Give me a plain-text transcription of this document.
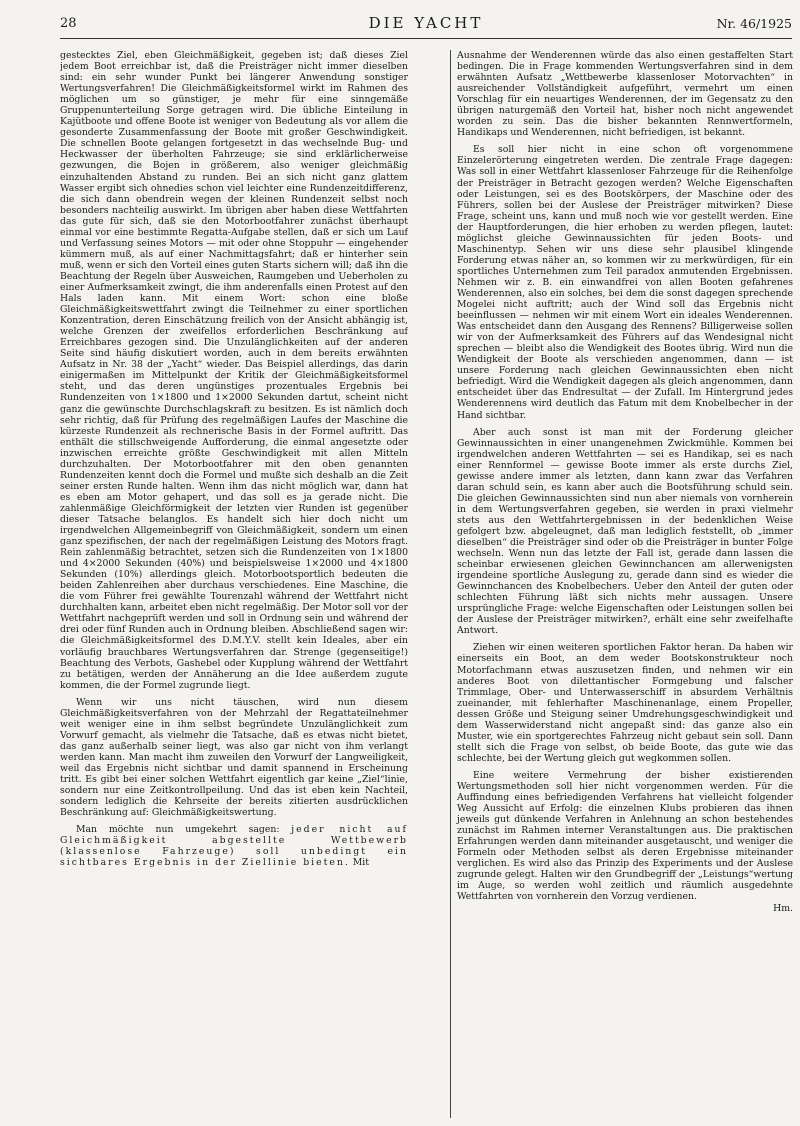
28	DIE YACHT	Nr. 46/1925

gestecktes Ziel, eben Gleichmäßigkeit, gegeben ist; daß dieses Ziel jedem Boot erreichbar ist, daß die Preisträger nicht immer dieselben sind: ein sehr wunder Punkt bei längerer Anwendung sonstiger Wertungsverfahren! Die Gleichmäßigkeitsformel wirkt im Rahmen des möglichen um so günstiger, je mehr für eine sinngemäße Gruppenunterteilung Sorge getragen wird. Die übliche Einteilung in Kajütboote und offene Boote ist weniger von Bedeutung als vor allem die gesonderte Zusammenfassung der Boote mit großer Geschwindigkeit. Die schnellen Boote gelangen fortgesetzt in das wechselnde Bug- und Heckwasser der überholten Fahrzeuge; sie sind erklärlicherweise gezwungen, die Bojen in größerem, also weniger gleichmäßig einzuhaltenden Abstand zu runden. Bei an sich nicht ganz glattem Wasser ergibt sich ohnedies schon viel leichter eine Rundenzeitdifferenz, die sich dann obendrein wegen der kleinen Rundenzeit selbst noch besonders nachteilig auswirkt. Im übrigen aber haben diese Wettfahrten das gute für sich, daß sie den Motorbootfahrer zunächst überhaupt einmal vor eine bestimmte Regatta-Aufgabe stellen, daß er sich um Lauf und Verfassung seines Motors — mit oder ohne Stoppuhr — eingehender kümmern muß, als auf einer Nachmittagsfahrt; daß er hinterher sein muß, wenn er sich den Vorteil eines guten Starts sichern will; daß ihn die Beachtung der Regeln über Ausweichen, Raumgeben und Ueberholen zu einer Aufmerksamkeit zwingt, die ihm anderenfalls einen Protest auf den Hals laden kann. Mit einem Wort: schon eine bloße Gleichmäßigkeitswettfahrt zwingt die Teilnehmer zu einer sportlichen Konzentration, deren Einschätzung freilich von der Ansicht abhängig ist, welche Grenzen der zweifellos erforderlichen Beschränkung auf Erreichbares gezogen sind. Die Unzulänglichkeiten auf der anderen Seite sind häufig diskutiert worden, auch in dem bereits erwähnten Aufsatz in Nr. 38 der „Yacht“ wieder. Das Beispiel allerdings, das darin einigermaßen im Mittelpunkt der Kritik der Gleichmäßigkeitsformel steht, und das deren ungünstiges prozentuales Ergebnis bei Rundenzeiten von 1×1800 und 1×2000 Sekunden dartut, scheint nicht ganz die gewünschte Durchschlagskraft zu besitzen. Es ist nämlich doch sehr richtig, daß für Prüfung des regelmäßigen Laufes der Maschine die kürzeste Rundenzeit als rechnerische Basis in der Formel auftritt. Das enthält die stillschweigende Aufforderung, die einmal angesetzte oder inzwischen erreichte größte Geschwindigkeit mit allen Mitteln durchzuhalten. Der Motorbootfahrer mit den oben genannten Rundenzeiten kennt doch die Formel und mußte sich deshalb an die Zeit seiner ersten Runde halten. Wenn ihm das nicht möglich war, dann hat es eben am Motor gehapert, und das soll es ja gerade nicht. Die zahlenmäßige Gleichförmigkeit der letzten vier Runden ist gegenüber dieser Tatsache belanglos. Es handelt sich hier doch nicht um irgendwelchen Allgemeinbegriff von Gleichmäßigkeit, sondern um einen ganz spezifischen, der nach der regelmäßigen Leistung des Motors fragt. Rein zahlenmäßig betrachtet, setzen sich die Rundenzeiten von 1×1800 und 4×2000 Sekunden (40%) und beispielsweise 1×2000 und 4×1800 Sekunden (10%) allerdings gleich. Motorbootsportlich bedeuten die beiden Zahlenreihen aber durchaus verschiedenes. Eine Maschine, die die vom Führer frei gewählte Tourenzahl während der Wettfahrt nicht durchhalten kann, arbeitet eben nicht regelmäßig. Der Motor soll vor der Wettfahrt nachgeprüft werden und soll in Ordnung sein und während der drei oder fünf Runden auch in Ordnung bleiben. Abschließend sagen wir: die Gleichmäßigkeitsformel des D.M.Y.V. stellt kein Ideales, aber ein vorläufig brauchbares Wertungsverfahren dar. Strenge (gegenseitige!) Beachtung des Verbots, Gashebel oder Kupplung während der Wettfahrt zu betätigen, werden der Annäherung an die Idee außerdem zugute kommen, die der Formel zugrunde liegt.

Wenn wir uns nicht täuschen, wird nun diesem Gleichmäßigkeitsverfahren von der Mehrzahl der Regattateilnehmer weit weniger eine in ihm selbst begründete Unzulänglichkeit zum Vorwurf gemacht, als vielmehr die Tatsache, daß es etwas nicht bietet, das ganz außerhalb seiner liegt, was also gar nicht von ihm verlangt werden kann. Man macht ihm zuweilen den Vorwurf der Langweiligkeit, weil das Ergebnis nicht sichtbar und damit spannend in Erscheinung tritt. Es gibt bei einer solchen Wettfahrt eigentlich gar keine „Ziel“linie, sondern nur eine Zeitkontrollpeilung. Und das ist eben kein Nachteil, sondern lediglich die Kehrseite der bereits zitierten ausdrücklichen Beschränkung auf: Gleichmäßigkeitswertung.

Man möchte nun umgekehrt sagen: jeder nicht auf Gleichmäßigkeit abgestellte Wettbewerb (klassenlose Fahrzeuge) soll unbedingt ein sichtbares Ergebnis in der Ziellinie bieten. Mit

Ausnahme der Wenderennen würde das also einen gestaffelten Start bedingen. Die in Frage kommenden Wertungsverfahren sind in dem erwähnten Aufsatz „Wettbewerbe klassenloser Motorvachten“ in ausreichender Vollständigkeit aufgeführt, vermehrt um einen Vorschlag für ein neuartiges Wenderennen, der im Gegensatz zu den übrigen naturgemäß den Vorteil hat, bisher noch nicht angewendet worden zu sein. Das die bisher bekannten Rennwertformeln, Handikaps und Wenderennen, nicht befriedigen, ist bekannt.

Es soll hier nicht in eine schon oft vorgenommene Einzelerörterung eingetreten werden. Die zentrale Frage dagegen: Was soll in einer Wettfahrt klassenloser Fahrzeuge für die Reihenfolge der Preisträger in Betracht gezogen werden? Welche Eigenschaften oder Leistungen, sei es des Bootskörpers, der Maschine oder des Führers, sollen bei der Auslese der Preisträger mitwirken? Diese Frage, scheint uns, kann und muß noch wie vor gestellt werden. Eine der Hauptforderungen, die hier erhoben zu werden pflegen, lautet: möglichst gleiche Gewinnaussichten für jeden Boots- und Maschinentyp. Sehen wir uns diese sehr plausibel klingende Forderung etwas näher an, so kommen wir zu merkwürdigen, für ein sportliches Unternehmen zum Teil paradox anmutenden Ergebnissen. Nehmen wir z. B. ein einwandfrei von allen Booten gefahrenes Wenderennen, also ein solches, bei dem die sonst dagegen sprechende Mogelei nicht auftritt; auch der Wind soll das Ergebnis nicht beeinflussen — nehmen wir mit einem Wort ein ideales Wenderennen. Was entscheidet dann den Ausgang des Rennens? Billigerweise sollen wir von der Aufmerksamkeit des Führers auf das Wendesignal nicht sprechen — bleibt also die Wendigkeit des Bootes übrig. Wird nun die Wendigkeit der Boote als verschieden angenommen, dann — ist unsere Forderung nach gleichen Gewinnaussichten eben nicht befriedigt. Wird die Wendigkeit dagegen als gleich angenommen, dann entscheidet über das Endresultat — der Zufall. Im Hintergrund jedes Wenderennens wird deutlich das Fatum mit dem Knobelbecher in der Hand sichtbar.

Aber auch sonst ist man mit der Forderung gleicher Gewinnaussichten in einer unangenehmen Zwickmühle. Kommen bei irgendwelchen anderen Wettfahrten — sei es Handikap, sei es nach einer Rennformel — gewisse Boote immer als erste durchs Ziel, gewisse andere immer als letzten, dann kann zwar das Verfahren daran schuld sein, es kann aber auch die Bootsführung schuld sein. Die gleichen Gewinnaussichten sind nun aber niemals von vornherein in dem Wertungsverfahren gegeben, sie werden in praxi vielmehr stets aus den Wettfahrtergebnissen in der bedenklichen Weise gefolgert bzw. abgeleugnet, daß man lediglich feststellt, ob „immer dieselben“ die Preisträger sind oder ob die Preisträger in bunter Folge wechseln. Wenn nun das letzte der Fall ist, gerade dann lassen die scheinbar erwiesenen gleichen Gewinnchancen am allerwenigsten irgendeine sportliche Auslegung zu, gerade dann sind es wieder die Gewinnchancen des Knobelbechers. Ueber den Anteil der guten oder schlechten Führung läßt sich nichts mehr aussagen. Unsere ursprüngliche Frage: welche Eigenschaften oder Leistungen sollen bei der Auslese der Preisträger mitwirken?, erhält eine sehr zweifelhafte Antwort.

Ziehen wir einen weiteren sportlichen Faktor heran. Da haben wir einerseits ein Boot, an dem weder Bootskonstrukteur noch Motorfachmann etwas auszusetzen finden, und nehmen wir ein anderes Boot von dilettantischer Formgebung und falscher Trimmlage, Ober- und Unterwasserschiff in absurdem Verhältnis zueinander, mit fehlerhafter Maschinenanlage, einem Propeller, dessen Größe und Steigung seiner Umdrehungsgeschwindigkeit und dem Wasserwiderstand nicht angepaßt sind: das ganze also ein Muster, wie ein sportgerechtes Fahrzeug nicht gebaut sein soll. Dann stellt sich die Frage von selbst, ob beide Boote, das gute wie das schlechte, bei der Wertung gleich gut wegkommen sollen.

Eine weitere Vermehrung der bisher existierenden Wertungsmethoden soll hier nicht vorgenommen werden. Für die Auffindung eines befriedigenden Verfahrens hat vielleicht folgender Weg Aussicht auf Erfolg: die einzelnen Klubs probieren das ihnen jeweils gut dünkende Verfahren in Anlehnung an schon bestehendes zunächst im Rahmen interner Veranstaltungen aus. Die praktischen Erfahrungen werden dann miteinander ausgetauscht, und weniger die Formeln oder Methoden selbst als deren Ergebnisse miteinander verglichen. Es wird also das Prinzip des Experiments und der Auslese zugrunde gelegt. Halten wir den Grundbegriff der „Leistungs“wertung im Auge, so werden wohl zeitlich und räumlich ausgedehnte Wettfahrten von vornherein den Vorzug verdienen.

Hm.
